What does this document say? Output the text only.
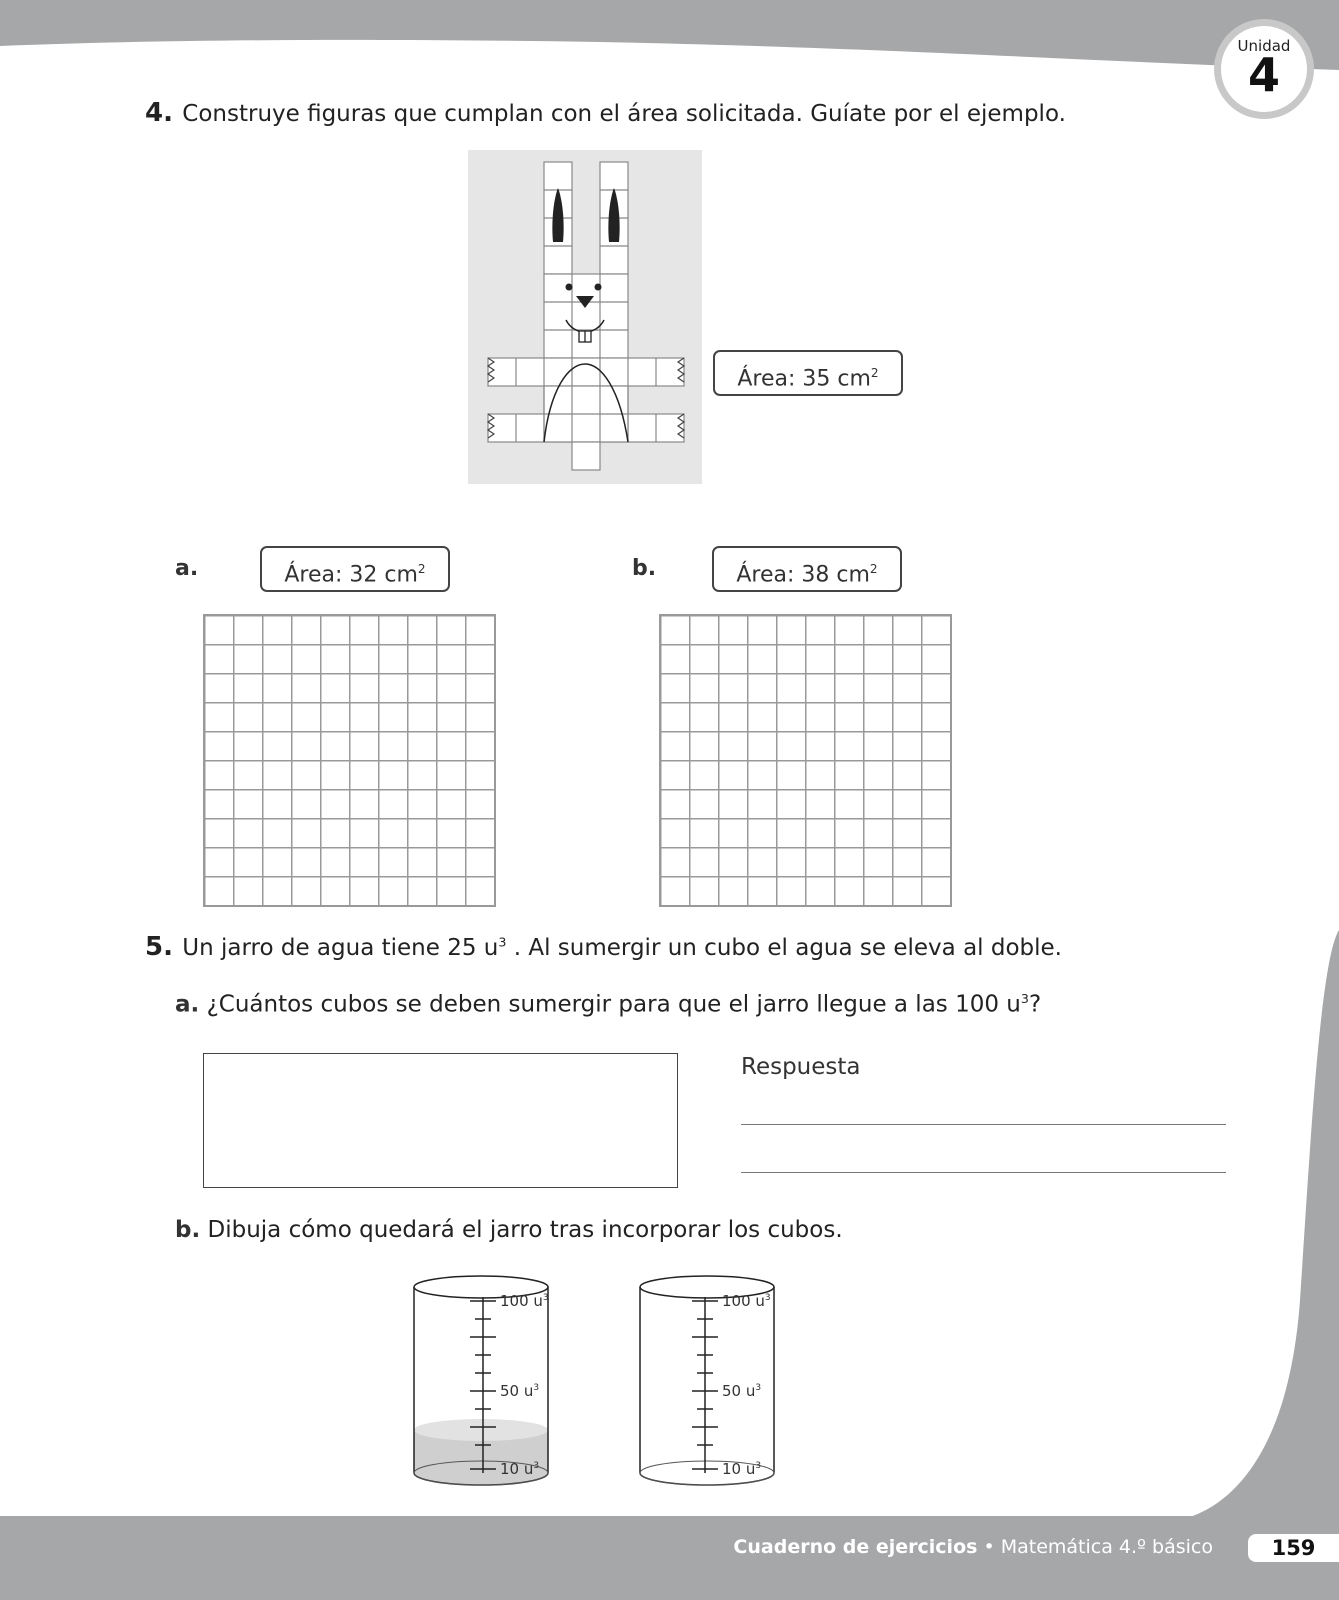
Unidad
4
4. Construye figuras que cumplan con el área solicitada. Guíate por el ejemplo.
Área: 35 $cm^2$
a.	Área: 32 $cm^2$	b.	Área: 38 $cm^2$
5. Un jarro de agua tiene 25 $u^3$ . Al sumergir un cubo el agua se eleva al doble.
a. ¿Cuántos cubos se deben sumergir para que el jarro llegue a las 100 $u^3$?
Respuesta
b. Dibuja cómo quedará el jarro tras incorporar los cubos.
100 $u^3$
50 $u^3$
10 $u^3$
100 $u^3$
50 $u^3$
10 $u^3$
Cuaderno de ejercicios • Matemática 4.º básico	159
